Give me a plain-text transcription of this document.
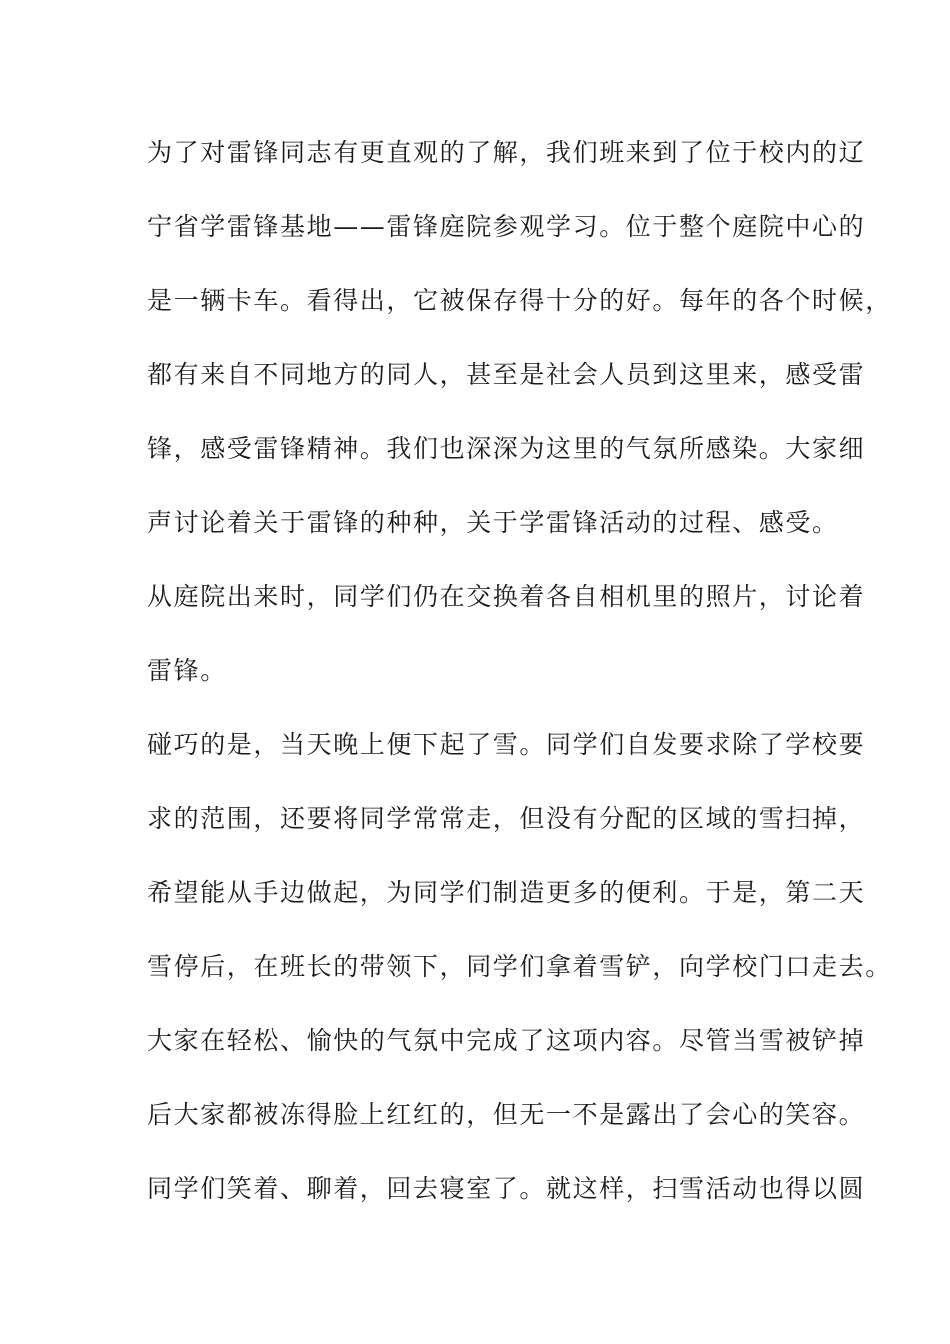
为了对雷锋同志有更直观的了解，我们班来到了位于校内的辽
宁省学雷锋基地——雷锋庭院参观学习。位于整个庭院中心的
是一辆卡车。看得出，它被保存得十分的好。每年的各个时候，
都有来自不同地方的同人，甚至是社会人员到这里来，感受雷
锋，感受雷锋精神。我们也深深为这里的气氛所感染。大家细
声讨论着关于雷锋的种种，关于学雷锋活动的过程、感受。
从庭院出来时，同学们仍在交换着各自相机里的照片，讨论着
雷锋。
碰巧的是，当天晚上便下起了雪。同学们自发要求除了学校要
求的范围，还要将同学常常走，但没有分配的区域的雪扫掉，
希望能从手边做起，为同学们制造更多的便利。于是，第二天
雪停后，在班长的带领下，同学们拿着雪铲，向学校门口走去。
大家在轻松、愉快的气氛中完成了这项内容。尽管当雪被铲掉
后大家都被冻得脸上红红的，但无一不是露出了会心的笑容。
同学们笑着、聊着，回去寝室了。就这样，扫雪活动也得以圆
